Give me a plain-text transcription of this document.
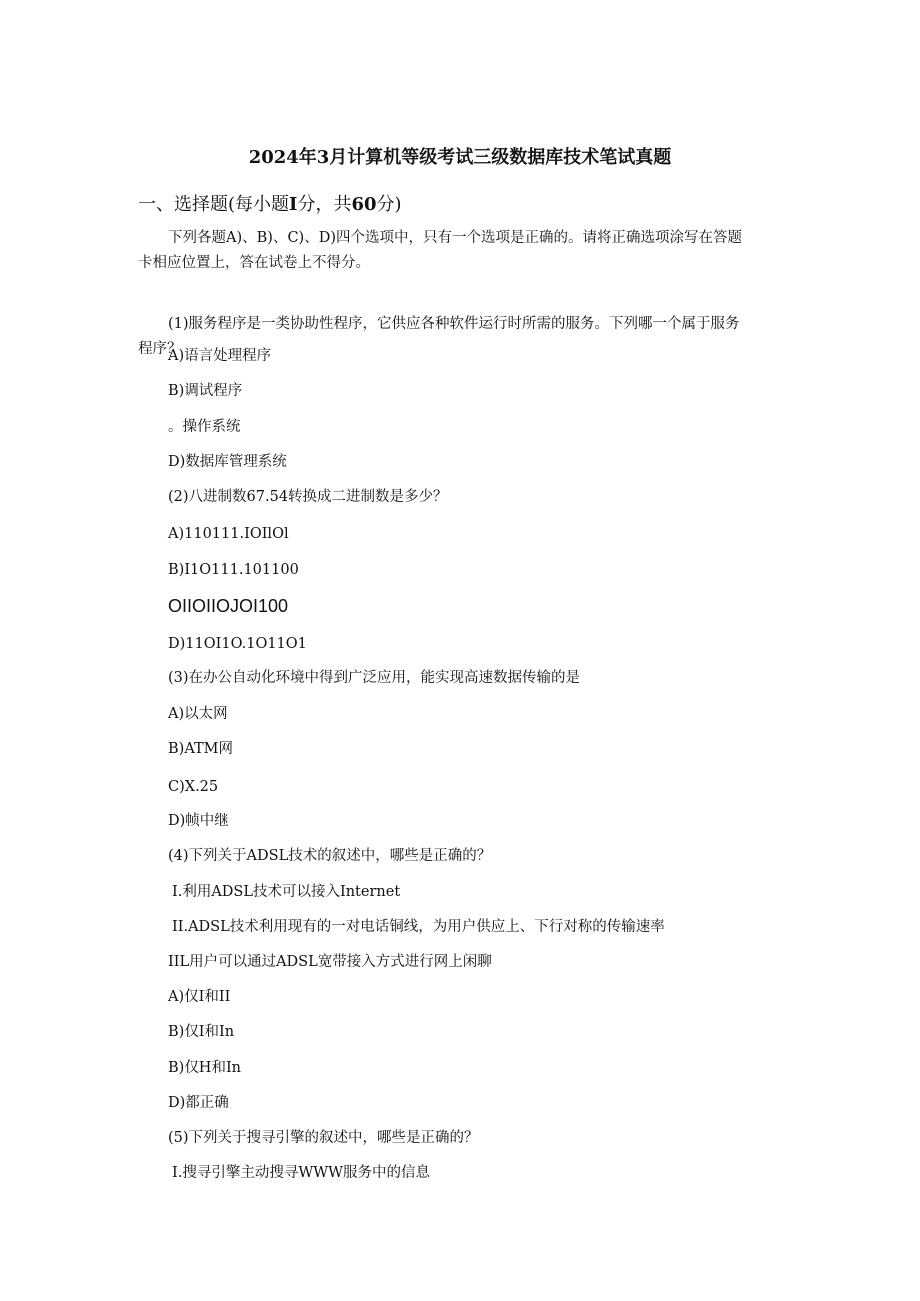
2024年3月计算机等级考试三级数据库技术笔试真题
一、选择题(每小题I分，共60分)
下列各题A)、B)、C)、D)四个选项中，只有一个选项是正确的。请将正确选项涂写在答题卡相应位置上，答在试卷上不得分。
(1)服务程序是一类协助性程序，它供应各种软件运行时所需的服务。下列哪一个属于服务程序？
A)语言处理程序
B)调试程序
。操作系统
D)数据库管理系统
(2)八进制数67.54转换成二进制数是多少？
A)110111.IOIlOl
B)I1O111.101100
OIIOIIOJOI100
D)11OI1O.1O11O1
(3)在办公自动化环境中得到广泛应用，能实现高速数据传输的是
A)以太网
B)ATM网
C)X.25
D)帧中继
(4)下列关于ADSL技术的叙述中，哪些是正确的？
I.利用ADSL技术可以接入Internet
II.ADSL技术利用现有的一对电话铜线，为用户供应上、下行对称的传输速率
IIL用户可以通过ADSL宽带接入方式进行网上闲聊
A)仅I和II
B)仅I和In
B)仅H和In
D)都正确
(5)下列关于搜寻引擎的叙述中，哪些是正确的？
I.搜寻引擎主动搜寻WWW服务中的信息
